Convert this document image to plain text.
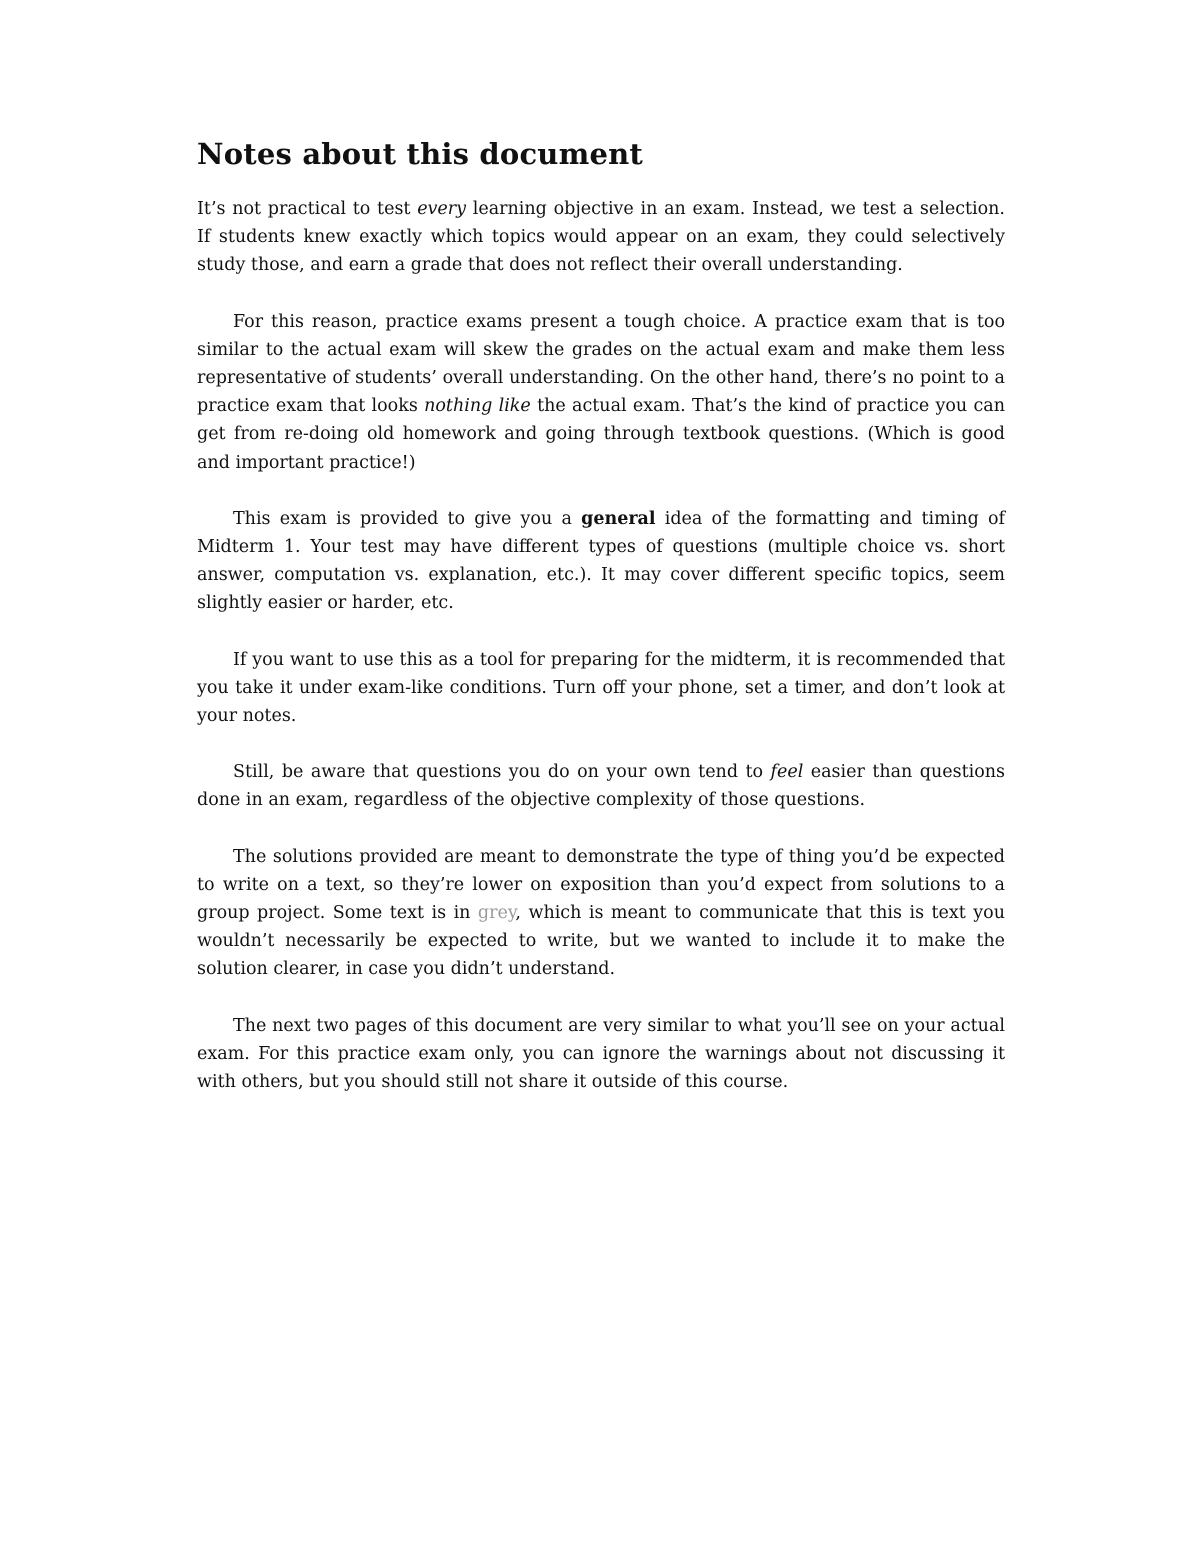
Notes about this document

It’s not practical to test every learning objective in an exam. Instead, we test a selection. If students knew exactly which topics would appear on an exam, they could selectively study those, and earn a grade that does not reflect their overall understanding.

For this reason, practice exams present a tough choice. A practice exam that is too similar to the actual exam will skew the grades on the actual exam and make them less representative of students’ overall understanding. On the other hand, there’s no point to a practice exam that looks nothing like the actual exam. That’s the kind of practice you can get from re-doing old homework and going through textbook questions. (Which is good and important practice!)

This exam is provided to give you a general idea of the formatting and timing of Midterm 1. Your test may have different types of questions (multiple choice vs. short answer, computation vs. explanation, etc.). It may cover different specific topics, seem slightly easier or harder, etc.

If you want to use this as a tool for preparing for the midterm, it is recommended that you take it under exam-like conditions. Turn off your phone, set a timer, and don’t look at your notes.

Still, be aware that questions you do on your own tend to feel easier than questions done in an exam, regardless of the objective complexity of those questions.

The solutions provided are meant to demonstrate the type of thing you’d be expected to write on a text, so they’re lower on exposition than you’d expect from solutions to a group project. Some text is in grey, which is meant to communicate that this is text you wouldn’t necessarily be expected to write, but we wanted to include it to make the solution clearer, in case you didn’t understand.

The next two pages of this document are very similar to what you’ll see on your actual exam. For this practice exam only, you can ignore the warnings about not discussing it with others, but you should still not share it outside of this course.
